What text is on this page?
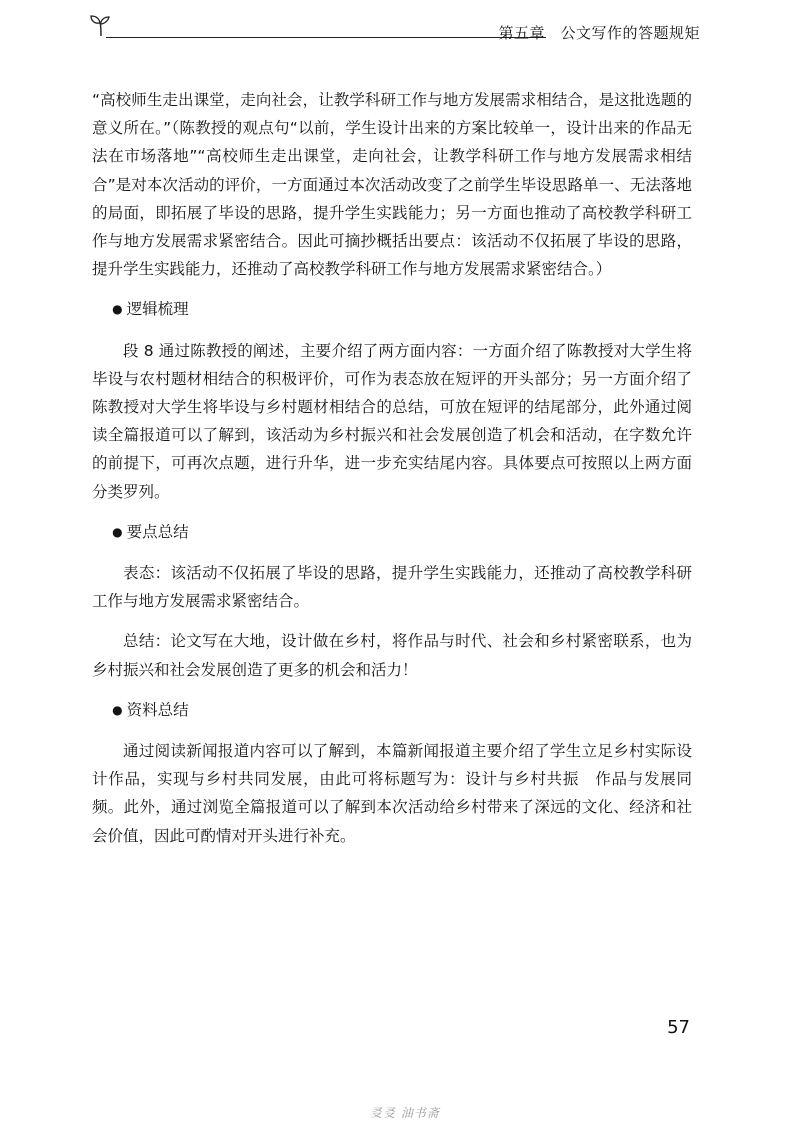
第五章　公文写作的答题规矩

“高校师生走出课堂，走向社会，让教学科研工作与地方发展需求相结合，是这批选题的意义所在。”（陈教授的观点句“以前，学生设计出来的方案比较单一，设计出来的作品无法在市场落地”“高校师生走出课堂，走向社会，让教学科研工作与地方发展需求相结合”是对本次活动的评价，一方面通过本次活动改变了之前学生毕设思路单一、无法落地的局面，即拓展了毕设的思路，提升学生实践能力；另一方面也推动了高校教学科研工作与地方发展需求紧密结合。因此可摘抄概括出要点：该活动不仅拓展了毕设的思路，提升学生实践能力，还推动了高校教学科研工作与地方发展需求紧密结合。）

● 逻辑梳理

段 8 通过陈教授的阐述，主要介绍了两方面内容：一方面介绍了陈教授对大学生将毕设与农村题材相结合的积极评价，可作为表态放在短评的开头部分；另一方面介绍了陈教授对大学生将毕设与乡村题材相结合的总结，可放在短评的结尾部分，此外通过阅读全篇报道可以了解到，该活动为乡村振兴和社会发展创造了机会和活动，在字数允许的前提下，可再次点题，进行升华，进一步充实结尾内容。具体要点可按照以上两方面分类罗列。

● 要点总结

表态：该活动不仅拓展了毕设的思路，提升学生实践能力，还推动了高校教学科研工作与地方发展需求紧密结合。

总结：论文写在大地，设计做在乡村，将作品与时代、社会和乡村紧密联系，也为乡村振兴和社会发展创造了更多的机会和活力！

● 资料总结

通过阅读新闻报道内容可以了解到，本篇新闻报道主要介绍了学生立足乡村实际设计作品，实现与乡村共同发展，由此可将标题写为：设计与乡村共振　作品与发展同频。此外，通过浏览全篇报道可以了解到本次活动给乡村带来了深远的文化、经济和社会价值，因此可酌情对开头进行补充。

57
㕛㕛 油书斋
